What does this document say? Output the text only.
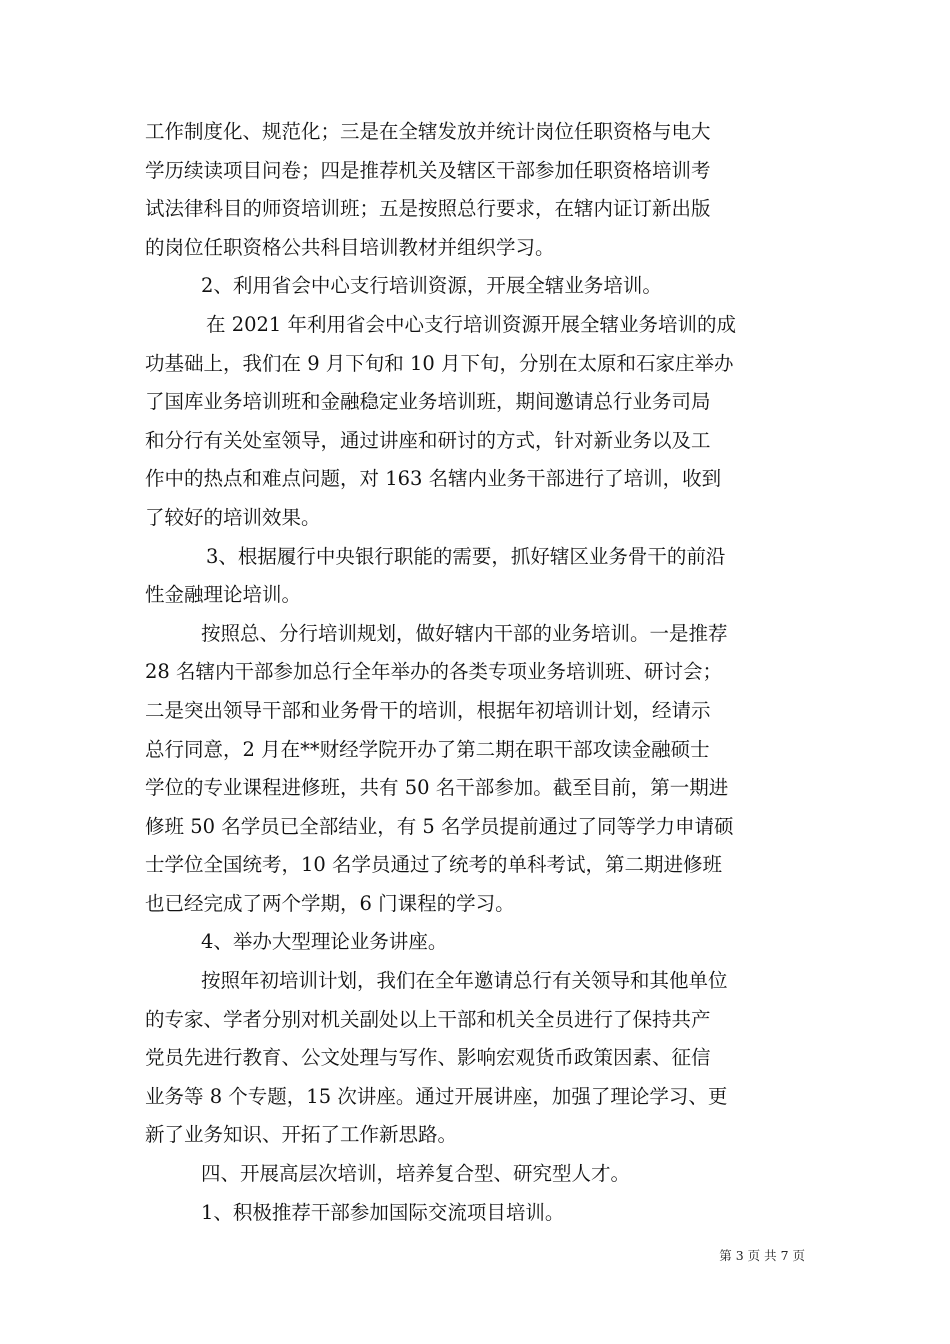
工作制度化、规范化；三是在全辖发放并统计岗位任职资格与电大
学历续读项目问卷；四是推荐机关及辖区干部参加任职资格培训考
试法律科目的师资培训班；五是按照总行要求，在辖内证订新出版
的岗位任职资格公共科目培训教材并组织学习。
2、利用省会中心支行培训资源，开展全辖业务培训。
在 2021 年利用省会中心支行培训资源开展全辖业务培训的成
功基础上，我们在 9 月下旬和 10 月下旬，分别在太原和石家庄举办
了国库业务培训班和金融稳定业务培训班，期间邀请总行业务司局
和分行有关处室领导，通过讲座和研讨的方式，针对新业务以及工
作中的热点和难点问题，对 163 名辖内业务干部进行了培训，收到
了较好的培训效果。
3、根据履行中央银行职能的需要，抓好辖区业务骨干的前沿
性金融理论培训。
按照总、分行培训规划，做好辖内干部的业务培训。一是推荐
28 名辖内干部参加总行全年举办的各类专项业务培训班、研讨会；
二是突出领导干部和业务骨干的培训，根据年初培训计划，经请示
总行同意，2 月在**财经学院开办了第二期在职干部攻读金融硕士
学位的专业课程进修班，共有 50 名干部参加。截至目前，第一期进
修班 50 名学员已全部结业，有 5 名学员提前通过了同等学力申请硕
士学位全国统考，10 名学员通过了统考的单科考试，第二期进修班
也已经完成了两个学期，6 门课程的学习。
4、举办大型理论业务讲座。
按照年初培训计划，我们在全年邀请总行有关领导和其他单位
的专家、学者分别对机关副处以上干部和机关全员进行了保持共产
党员先进行教育、公文处理与写作、影响宏观货币政策因素、征信
业务等 8 个专题，15 次讲座。通过开展讲座，加强了理论学习、更
新了业务知识、开拓了工作新思路。
四、开展高层次培训，培养复合型、研究型人才。
1、积极推荐干部参加国际交流项目培训。
第 3 页 共 7 页
